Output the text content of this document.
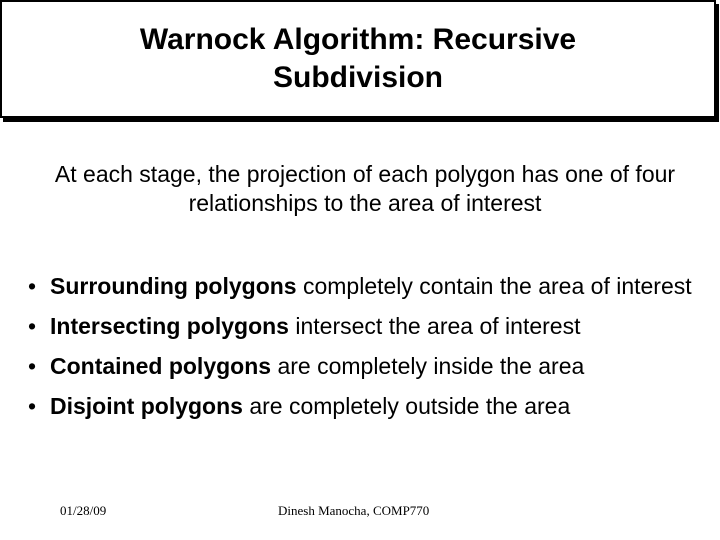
Warnock Algorithm: Recursive Subdivision
At each stage, the projection of each polygon has one of four relationships to the area of interest
• Surrounding polygons completely contain the area of interest
• Intersecting polygons intersect the area of interest
• Contained polygons are completely inside the area
• Disjoint polygons are completely outside the area
01/28/09	Dinesh Manocha, COMP770
